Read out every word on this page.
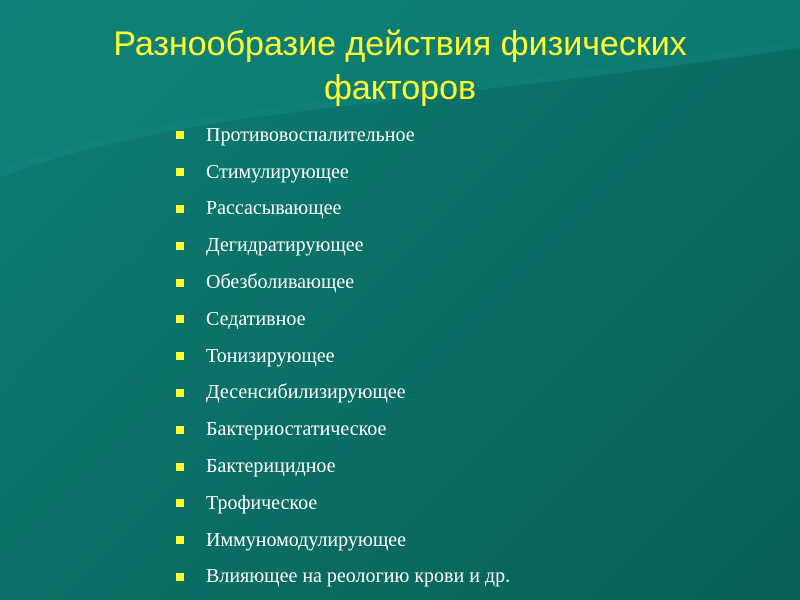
Разнообразие действия физических факторов
Противовоспалительное
Стимулирующее
Рассасывающее
Дегидратирующее
Обезболивающее
Седативное
Тонизирующее
Десенсибилизирующее
Бактериостатическое
Бактерицидное
Трофическое
Иммуномодулирующее
Влияющее на реологию крови и др.
